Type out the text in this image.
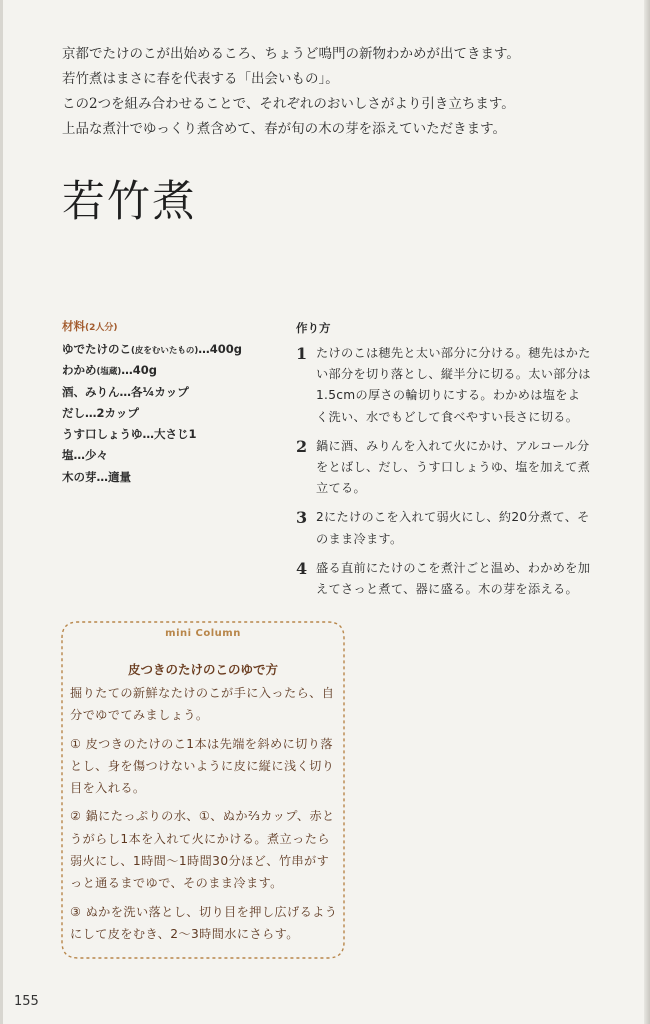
京都でたけのこが出始めるころ、ちょうど鳴門の新物わかめが出てきます。

若竹煮はまさに春を代表する「出会いもの」。

この2つを組み合わせることで、それぞれのおいしさがより引き立ちます。

上品な煮汁でゆっくり煮含めて、春が旬の木の芽を添えていただきます。

若竹煮
材料(2人分)
ゆでたけのこ(皮をむいたもの)…400g
わかめ(塩蔵)…40g
酒、みりん…各¼カップ
だし…2カップ
うす口しょうゆ…大さじ1
塩…少々
木の芽…適量
作り方
1 たけのこは穂先と太い部分に分ける。穂先はかたい部分を切り落とし、縦半分に切る。太い部分は1.5cmの厚さの輪切りにする。わかめは塩をよく洗い、水でもどして食べやすい長さに切る。
2 鍋に酒、みりんを入れて火にかけ、アルコール分をとばし、だし、うす口しょうゆ、塩を加えて煮立てる。
3 2にたけのこを入れて弱火にし、約20分煮て、そのまま冷ます。
4 盛る直前にたけのこを煮汁ごと温め、わかめを加えてさっと煮て、器に盛る。木の芽を添える。
mini Column
皮つきのたけのこのゆで方

掘りたての新鮮なたけのこが手に入ったら、自分でゆでてみましょう。

① 皮つきのたけのこ1本は先端を斜めに切り落とし、身を傷つけないように皮に縦に浅く切り目を入れる。

② 鍋にたっぷりの水、①、ぬか⅔カップ、赤とうがらし1本を入れて火にかける。煮立ったら弱火にし、1時間〜1時間30分ほど、竹串がすっと通るまでゆで、そのまま冷ます。

③ ぬかを洗い落とし、切り目を押し広げるようにして皮をむき、2〜3時間水にさらす。

155
